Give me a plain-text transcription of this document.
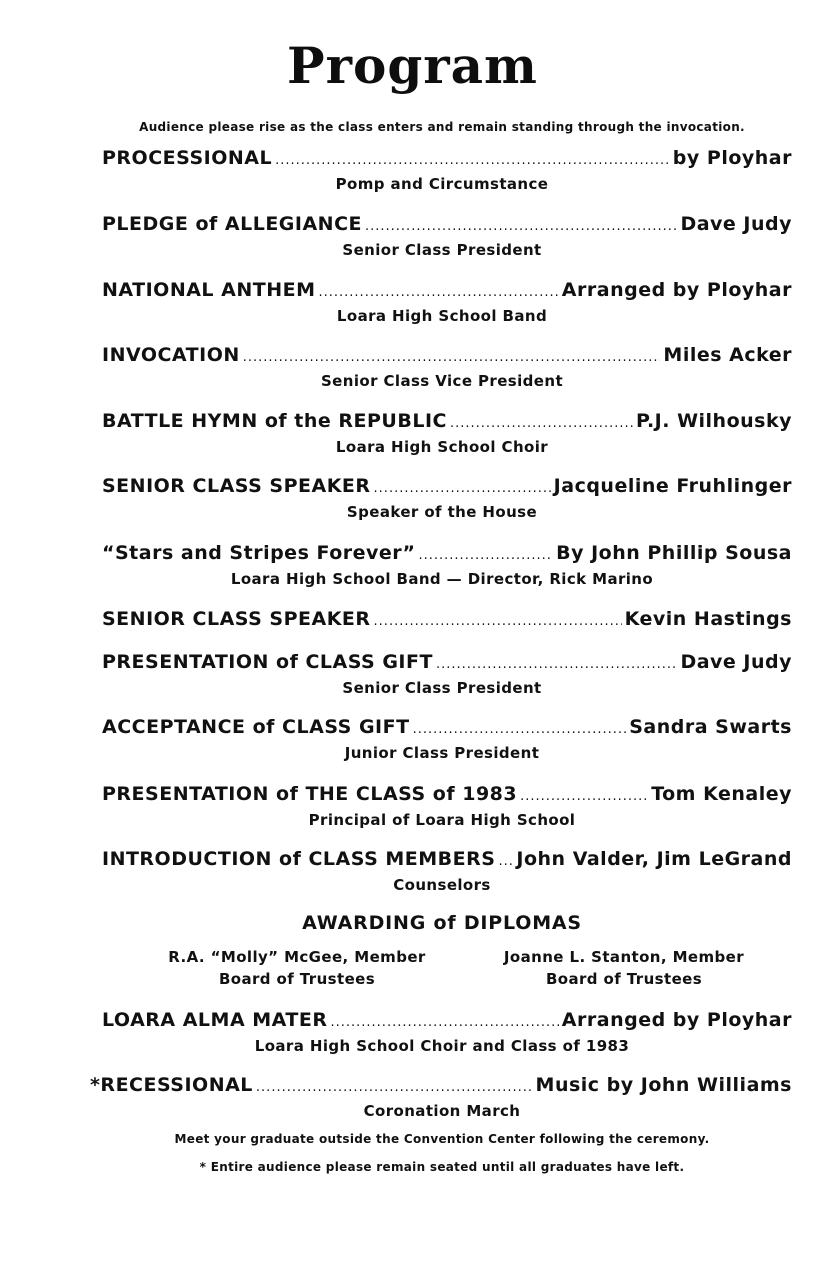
Program
Audience please rise as the class enters and remain standing through the invocation.
PROCESSIONAL .....	by Ployhar
Pomp and Circumstance
PLEDGE of ALLEGIANCE .....	Dave Judy
Senior Class President
NATIONAL ANTHEM .....	Arranged by Ployhar
Loara High School Band
INVOCATION .....	Miles Acker
Senior Class Vice President
BATTLE HYMN of the REPUBLIC .....	P.J. Wilhousky
Loara High School Choir
SENIOR CLASS SPEAKER .....	Jacqueline Fruhlinger
Speaker of the House
“Stars and Stripes Forever” .....	By John Phillip Sousa
Loara High School Band — Director, Rick Marino
SENIOR CLASS SPEAKER .....	Kevin Hastings
PRESENTATION of CLASS GIFT .....	Dave Judy
Senior Class President
ACCEPTANCE of CLASS GIFT .....	Sandra Swarts
Junior Class President
PRESENTATION of THE CLASS of 1983 .....	Tom Kenaley
Principal of Loara High School
INTRODUCTION of CLASS MEMBERS ..... John Valder, Jim LeGrand
Counselors
AWARDING of DIPLOMAS
R.A. “Molly” McGee, Member
Board of Trustees
Joanne L. Stanton, Member
Board of Trustees
LOARA ALMA MATER .....	Arranged by Ployhar
Loara High School Choir and Class of 1983
*RECESSIONAL .....	Music by John Williams
Coronation March
Meet your graduate outside the Convention Center following the ceremony.
* Entire audience please remain seated until all graduates have left.
